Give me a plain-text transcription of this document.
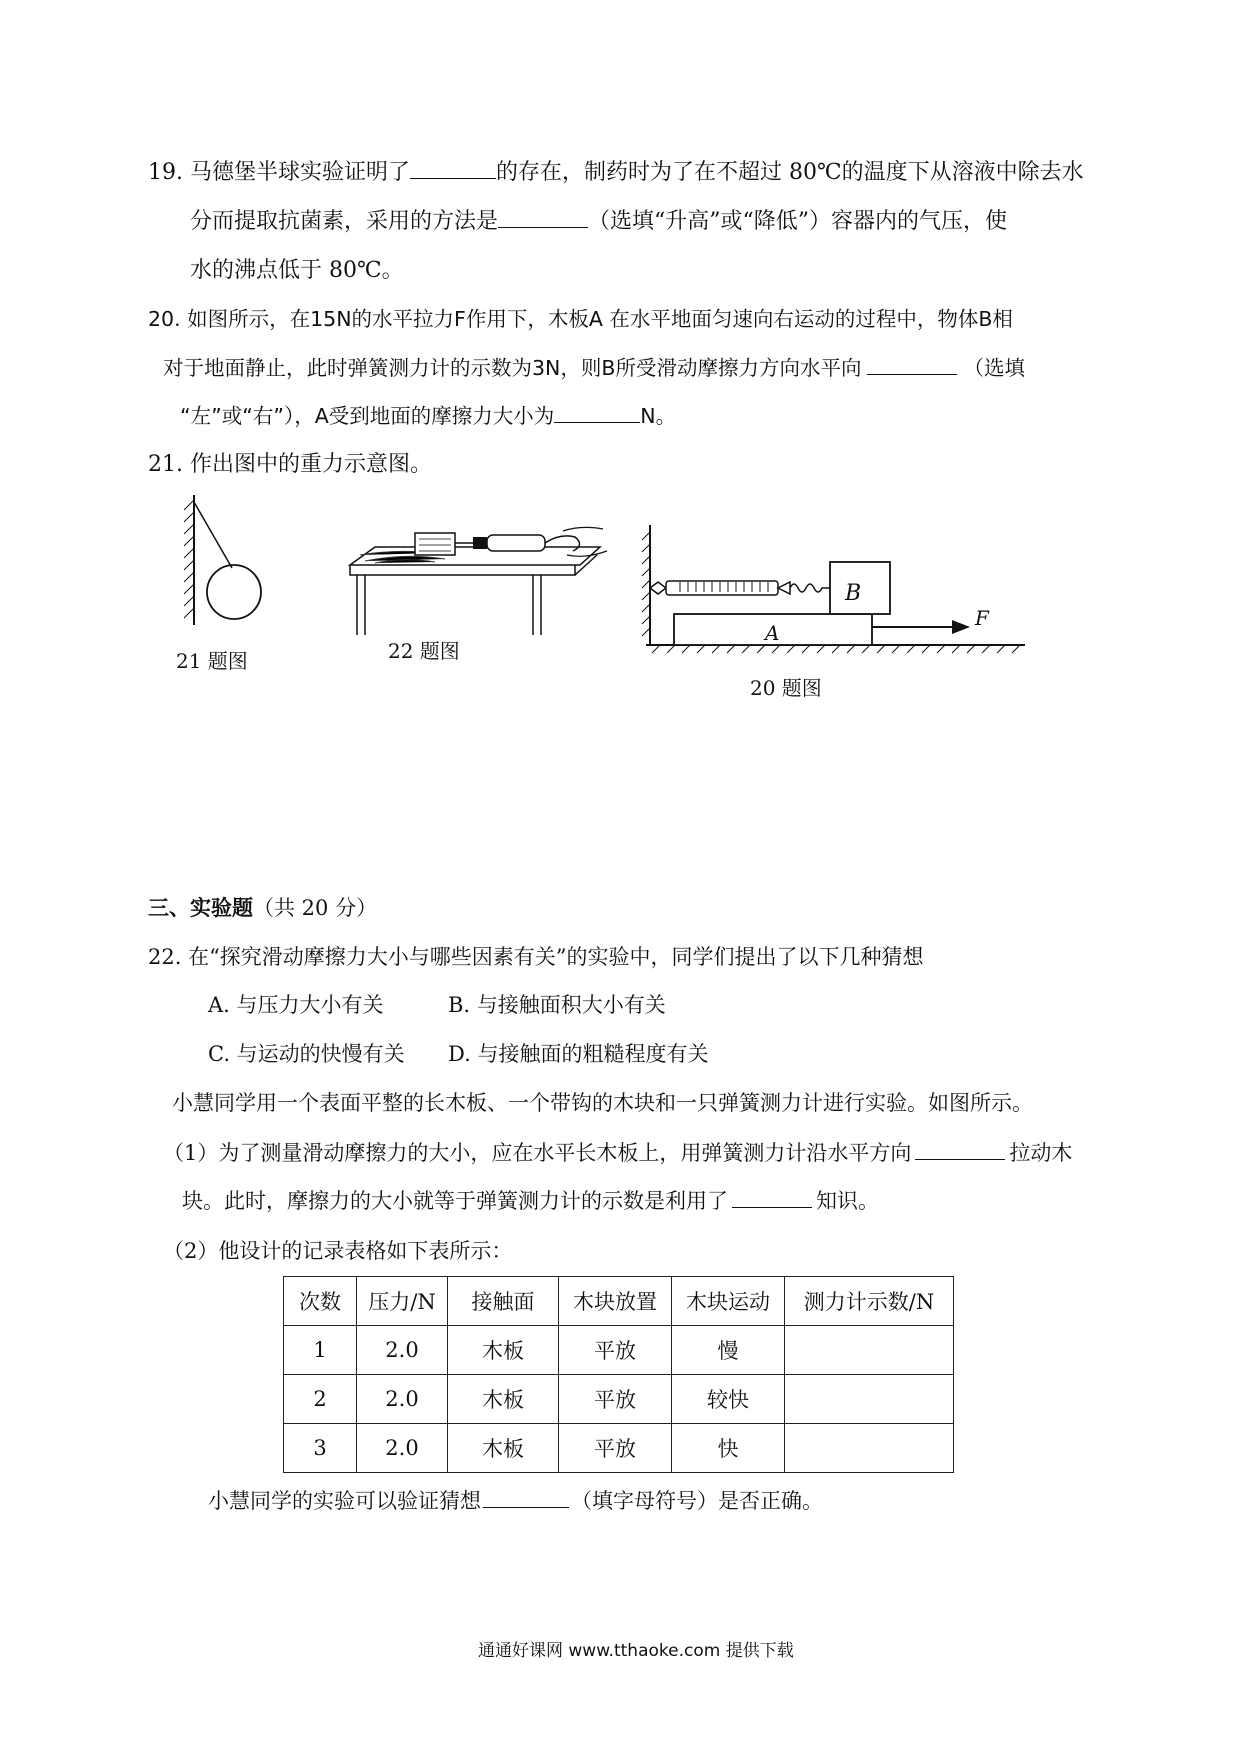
19. 马德堡半球实验证明了	的存在，制药时为了在不超过 80℃的温度下从溶液中除去水
分而提取抗菌素，采用的方法是	（选填“升高”或“降低”）容器内的气压，使
水的沸点低于 80℃。
20. 如图所示，在15N的水平拉力F作用下，木板A 在水平地面匀速向右运动的过程中，物体B相
对于地面静止，此时弹簧测力计的示数为3N，则B所受滑动摩擦力方向水平向	（选填
“左”或“右”），A受到地面的摩擦力大小为	N。
21. 作出图中的重力示意图。
21 题图	22 题图
B
A
F
20 题图
三、实验题（共 20 分）
22. 在“探究滑动摩擦力大小与哪些因素有关”的实验中，同学们提出了以下几种猜想
A. 与压力大小有关	B. 与接触面积大小有关
C. 与运动的快慢有关 D. 与接触面的粗糙程度有关
小慧同学用一个表面平整的长木板、一个带钩的木块和一只弹簧测力计进行实验。如图所示。
（1）为了测量滑动摩擦力的大小，应在水平长木板上，用弹簧测力计沿水平方向	拉动木
块。此时，摩擦力的大小就等于弹簧测力计的示数是利用了	知识。
（2）他设计的记录表格如下表所示：
次数	压力/N	接触面	木块放置	木块运动	测力计示数/N
1	2.0	木板	平放	慢	
2	2.0	木板	平放	较快	
3	2.0	木板	平放	快	
小慧同学的实验可以验证猜想	（填字母符号）是否正确。
通通好课网 www.tthaoke.com 提供下载
